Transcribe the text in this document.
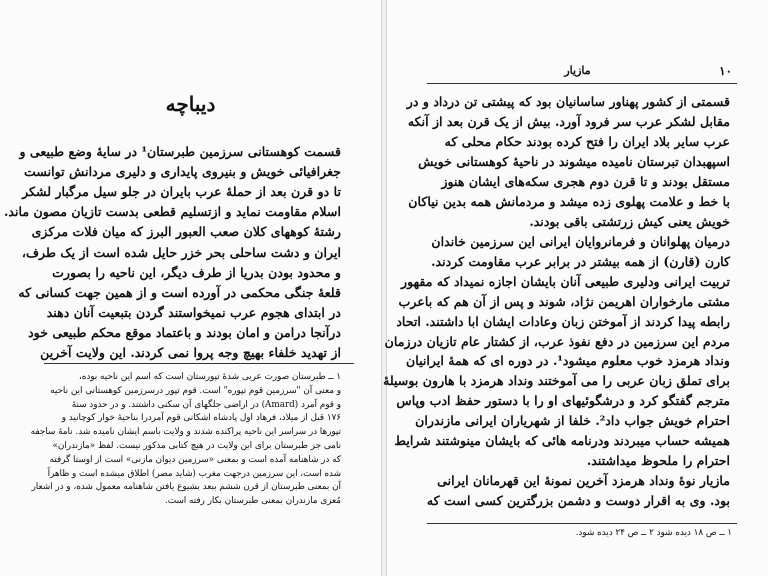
دیباچه
قسمت کوهستانی سرزمین طبرستان¹ در سایهٔ وضع طبیعی و
جغرافیائی خویش و بنیروی پایداری و دلیری مردانش توانست
تا دو قرن بعد از حملهٔ عرب بایران در جلو سیل مرگبار لشکر
اسلام مقاومت نماید و ازتسلیم قطعی بدست تازیان مصون ماند.
رشتهٔ کوههای کلان صعب العبور البرز که میان فلات مرکزی
ایران و دشت ساحلی بحر خزر حایل شده است از یک طرف،
و محدود بودن بدریا از طرف دیگر، این ناحیه را بصورت
قلعهٔ جنگی محکمی در آورده است و از همین جهت کسانی که
در ابتدای هجوم عرب نمیخواستند گردن بتبعیت آنان دهند
درآنجا درامن و امان بودند و باعتماد موقع محکم طبیعی خود
از تهدید خلفاء بهیچ وجه پروا نمی کردند. این ولایت آخرین
۱ ــ طبرستان صورت عربی شدهٔ تپورستان است که اسم این ناحیه بوده،
و معنی آن "سرزمین قوم تپوره" است. قوم تپور درسرزمین کوهستانی این ناحیه
و قوم آمرد (Amard) در اراضی جلگهای آن سکنی داشتند. و در حدود سنهٔ
۱۷۶ قبل از میلاد، فرهاد اول پادشاه اشکانی قوم آمردرا بناحیهٔ خوار کوچانید و
تپورها در سراسر این ناحیه پراکنده شدند و ولایت باسم ایشان نامیده شد. نامهٔ ساجفه
نامی جز طبرستان برای این ولایت در هیچ کتابی مذکور نیست. لفظ «مازندران»
که در شاهنامه آمده است و بمعنی «سرزمین دیوان مازنی» است از اوستا گرفته
شده است، این سرزمین درجهت مغرب (شاید مصر) اطلاق میشده است و ظاهراً
آن بمعنی طبرستان از قرن ششم ببعد بشیوع یافتن شاهنامه معمول شده، و در اشعار
مُعزی مازندران بمعنی طبرستان بکار رفته است.
۱۰
مازیار
قسمتی از کشور پهناور ساسانیان بود که پیشتی تن درداد و در
مقابل لشکر عرب سر فرود آورد. بیش از یک قرن بعد از آنکه
عرب سایر بلاد ایران را فتح کرده بودند حکام محلی که
اسپهبدان تبرستان نامیده میشوند در ناحیهٔ کوهستانی خویش
مستقل بودند و تا قرن دوم هجری سکه‌های ایشان هنوز
با خط و علامت پهلوی زده میشد و مردمانش همه بدین نیاکان
خویش یعنی کیش زرتشتی باقی بودند.
درمیان پهلوانان و فرمانروایان ایرانی این سرزمین خاندان
کارن (قارن) از همه بیشتر در برابر عرب مقاومت کردند.
تربیت ایرانی ودلیری طبیعی آنان بایشان اجازه نمیداد که مقهور
مشتی مارخواران اهریمن نژاد، شوند و پس از آن هم که باعرب
رابطه پیدا کردند از آموختن زبان وعادات ایشان ابا داشتند. اتحاد
مردم این سرزمین در دفع نفوذ عرب، از کشتار عام تازیان درزمان
ونداد هرمزد خوب معلوم میشود¹. در دوره ای که همهٔ ایرانیان
برای تملق زبان عربی را می آموختند ونداد هرمزد با هارون بوسیلهٔ
مترجم گفتگو کرد و درشگوئیهای او را با دستور حفظ ادب وپاس
احترام خویش جواب داد². خلفا از شهریاران ایرانی مازندران
همیشه حساب میبردند ودرنامه هائی که بایشان مینوشتند شرایط
احترام را ملحوظ میداشتند.
مازیار نوهٔ ونداد هرمزد آخرین نمونهٔ این قهرمانان ایرانی
بود. وی به اقرار دوست و دشمن بزرگترین کسی است که
۱ ــ ص ۱۸ دیده شود ۲ ــ ص ۲۴ دیده شود.
